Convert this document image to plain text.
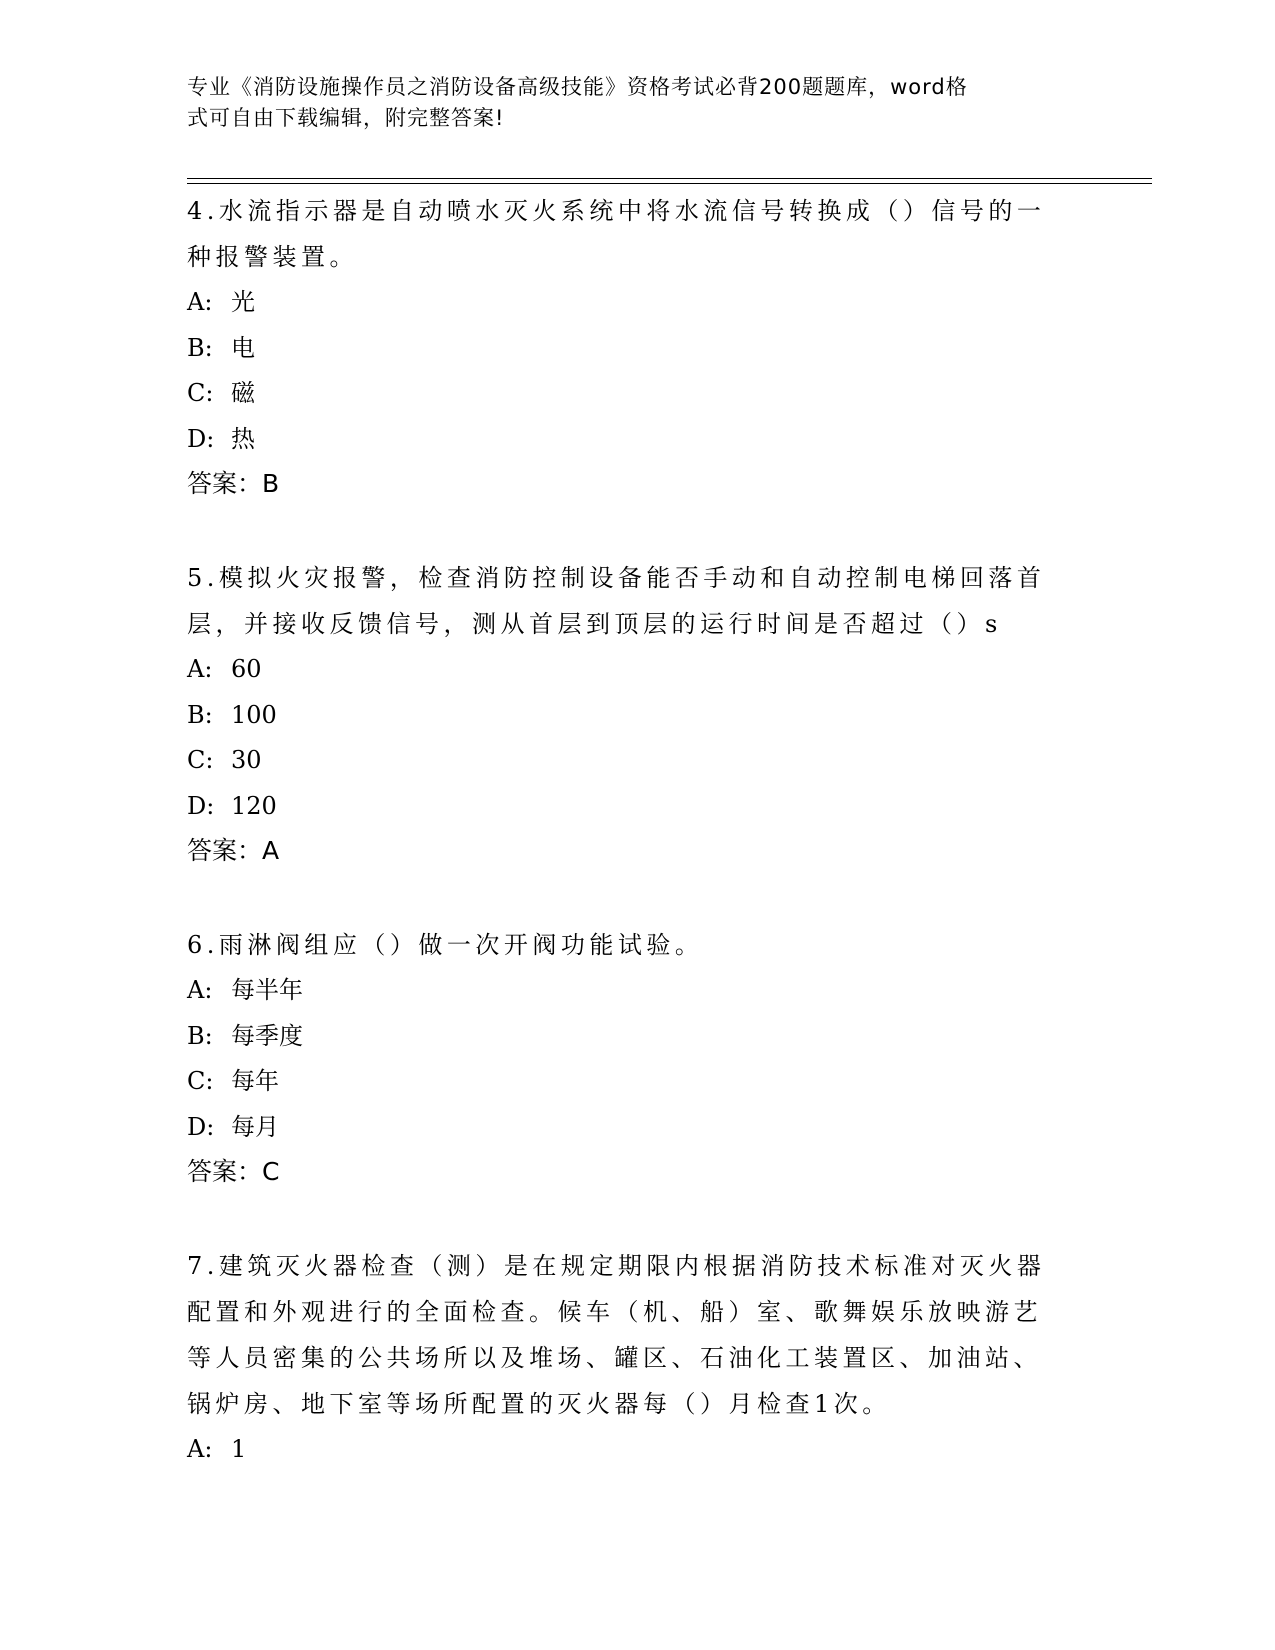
专业《消防设施操作员之消防设备高级技能》资格考试必背200题题库，word格
式可自由下载编辑，附完整答案!

4.水流指示器是自动喷水灭火系统中将水流信号转换成（）信号的一种报警装置。

A: 光

B: 电

C: 磁

D: 热

答案：B

5.模拟火灾报警，检查消防控制设备能否手动和自动控制电梯回落首层，并接收反馈信号，测从首层到顶层的运行时间是否超过（）s

A: 60

B: 100

C: 30

D: 120

答案：A

6.雨淋阀组应（）做一次开阀功能试验。

A: 每半年

B: 每季度

C: 每年

D: 每月

答案：C

7.建筑灭火器检查（测）是在规定期限内根据消防技术标准对灭火器配置和外观进行的全面检查。候车（机、船）室、歌舞娱乐放映游艺等人员密集的公共场所以及堆场、罐区、石油化工装置区、加油站、锅炉房、地下室等场所配置的灭火器每（）月检查1次。

A: 1
